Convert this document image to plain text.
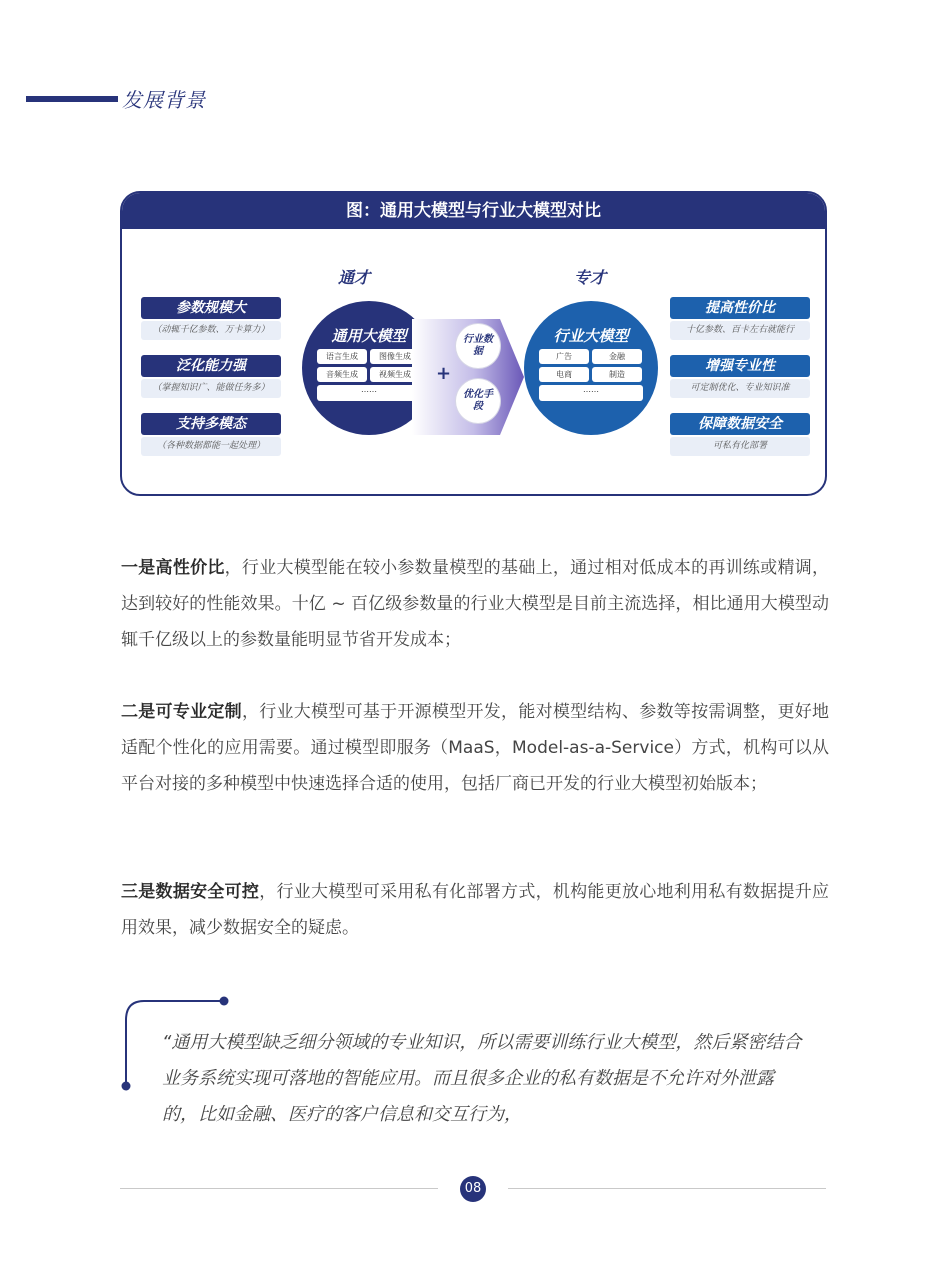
发展背景
图：通用大模型与行业大模型对比
通才	专才
参数规模大
（动辄千亿参数、万卡算力）
泛化能力强
（掌握知识广、能做任务多）
支持多模态
（各种数据都能一起处理）
通用大模型
语言生成	图像生成
音频生成	视频生成
……
行业数据
+
优化手段
行业大模型
广告	金融
电商	制造
……
提高性价比
十亿参数、百卡左右就能行
增强专业性
可定制优化、专业知识准
保障数据安全
可私有化部署

一是高性价比，行业大模型能在较小参数量模型的基础上，通过相对低成本的再训练或精调，达到较好的性能效果。十亿 ~ 百亿级参数量的行业大模型是目前主流选择，相比通用大模型动辄千亿级以上的参数量能明显节省开发成本；

二是可专业定制，行业大模型可基于开源模型开发，能对模型结构、参数等按需调整，更好地适配个性化的应用需要。通过模型即服务（MaaS，Model-as-a-Service）方式，机构可以从平台对接的多种模型中快速选择合适的使用，包括厂商已开发的行业大模型初始版本；

三是数据安全可控，行业大模型可采用私有化部署方式，机构能更放心地利用私有数据提升应用效果，减少数据安全的疑虑。

“通用大模型缺乏细分领域的专业知识，所以需要训练行业大模型，然后紧密结合业务系统实现可落地的智能应用。而且很多企业的私有数据是不允许对外泄露的，比如金融、医疗的客户信息和交互行为，
08
